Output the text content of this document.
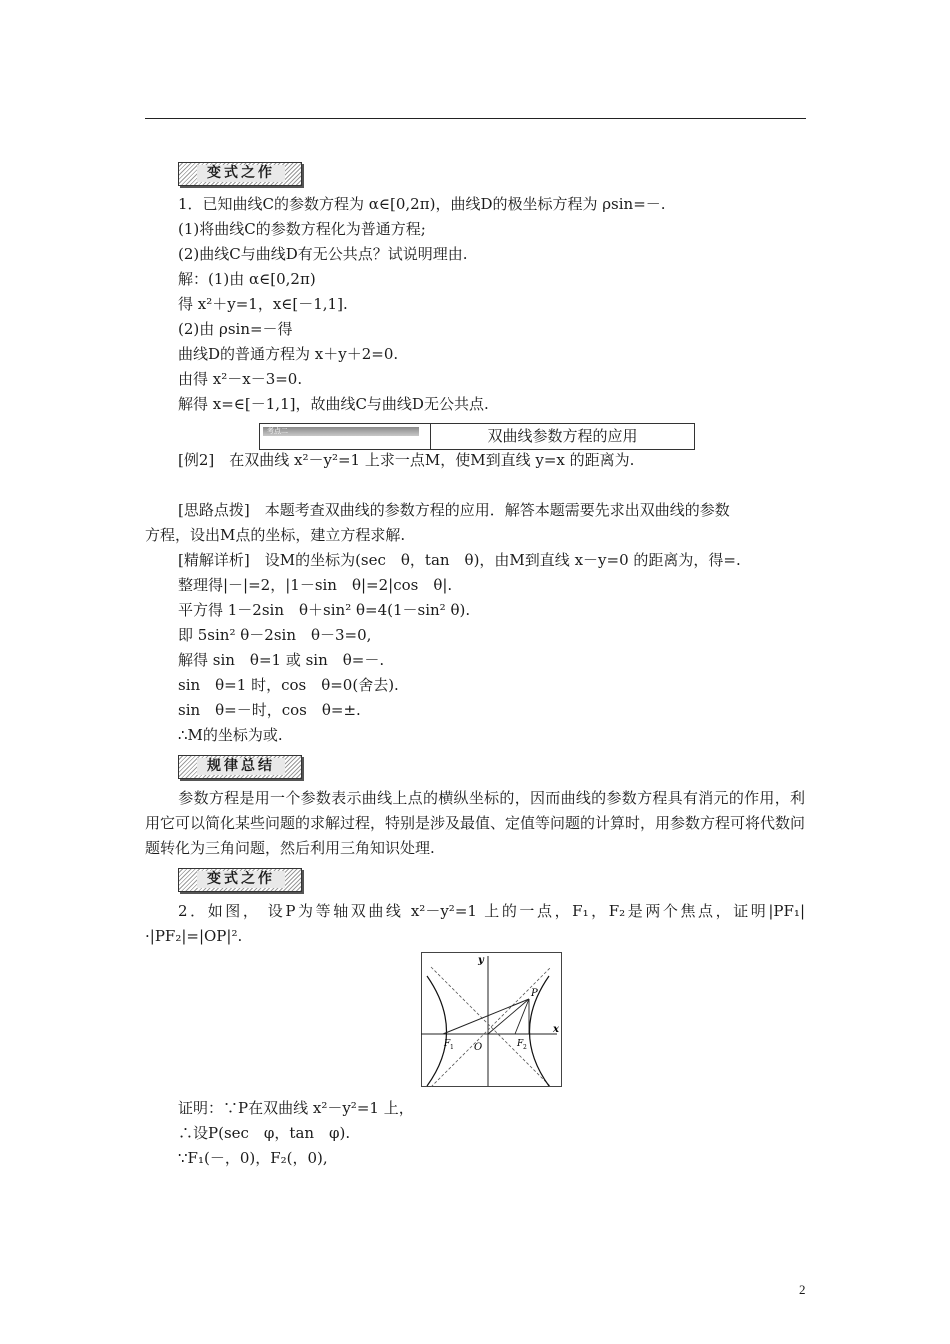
变式之作
1．已知曲线C的参数方程为 α∈[0,2π)，曲线D的极坐标方程为 ρsin=－.
(1)将曲线C的参数方程化为普通方程;
(2)曲线C与曲线D有无公共点？试说明理由.
解：(1)由 α∈[0,2π)
得 x²＋y=1，x∈[－1,1].
(2)由 ρsin=－得
曲线D的普通方程为 x＋y＋2=0.
由得 x²－x－3=0.
解得 x=∈[－1,1]，故曲线C与曲线D无公共点.
考点二	双曲线参数方程的应用
[例2]　在双曲线 x²－y²=1 上求一点M，使M到直线 y=x 的距离为.
[思路点拨]　本题考查双曲线的参数方程的应用．解答本题需要先求出双曲线的参数
方程，设出M点的坐标，建立方程求解.
[精解详析]　设M的坐标为(sec　θ，tan　θ)，由M到直线 x－y=0 的距离为，得=.
整理得|－|=2，|1－sin　θ|=2|cos　θ|.
平方得 1－2sin　θ＋sin² θ=4(1－sin² θ).
即 5sin² θ－2sin　θ－3=0,
解得 sin　θ=1 或 sin　θ=－.
sin　θ=1 时，cos　θ=0(舍去).
sin　θ=－时，cos　θ=±.
∴M的坐标为或.
规律总结
参数方程是用一个参数表示曲线上点的横纵坐标的，因而曲线的参数方程具有消元的作用，利用它可以简化某些问题的求解过程，特别是涉及最值、定值等问题的计算时，用参数方程可将代数问题转化为三角问题，然后利用三角知识处理.
变式之作
2．如图， 设P为等轴双曲线 x²－y²=1 上的一点，F₁，F₂是两个焦点，证明|PF₁|·|PF₂|=|OP|².
y
x
P
O
F 1	F 2
证明：∵P在双曲线 x²－y²=1 上，
∴设P(sec　φ，tan　φ).
∵F₁(－，0)，F₂(，0),
2
